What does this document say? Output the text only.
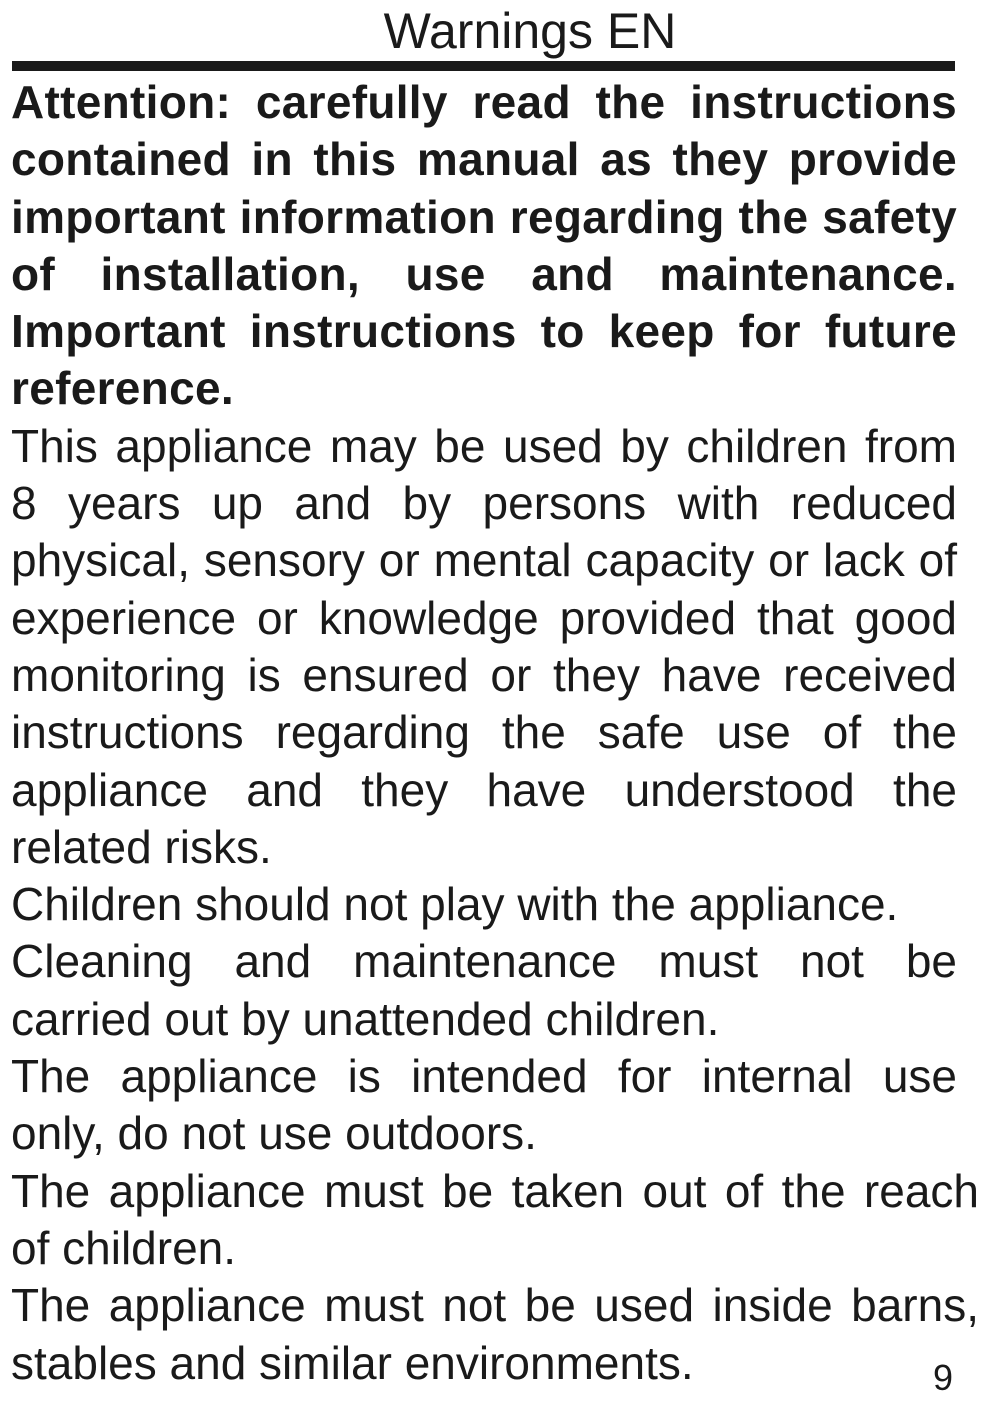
Warnings EN

Attention: carefully read the instructions contained in this manual as they provide important information regarding the safety of installation, use and maintenance. Important instructions to keep for future reference.

This appliance may be used by children from 8 years up and by persons with reduced physical, sensory or mental capacity or lack of experience or knowledge provided that good monitoring is ensured or they have received instructions regarding the safe use of the appliance and they have understood the related risks.

Children should not play with the appliance.

Cleaning and maintenance must not be carried out by unattended children.

The appliance is intended for internal use only, do not use outdoors.

The appliance must be taken out of the reach of children.

The appliance must not be used inside barns, stables and similar environments.	9
